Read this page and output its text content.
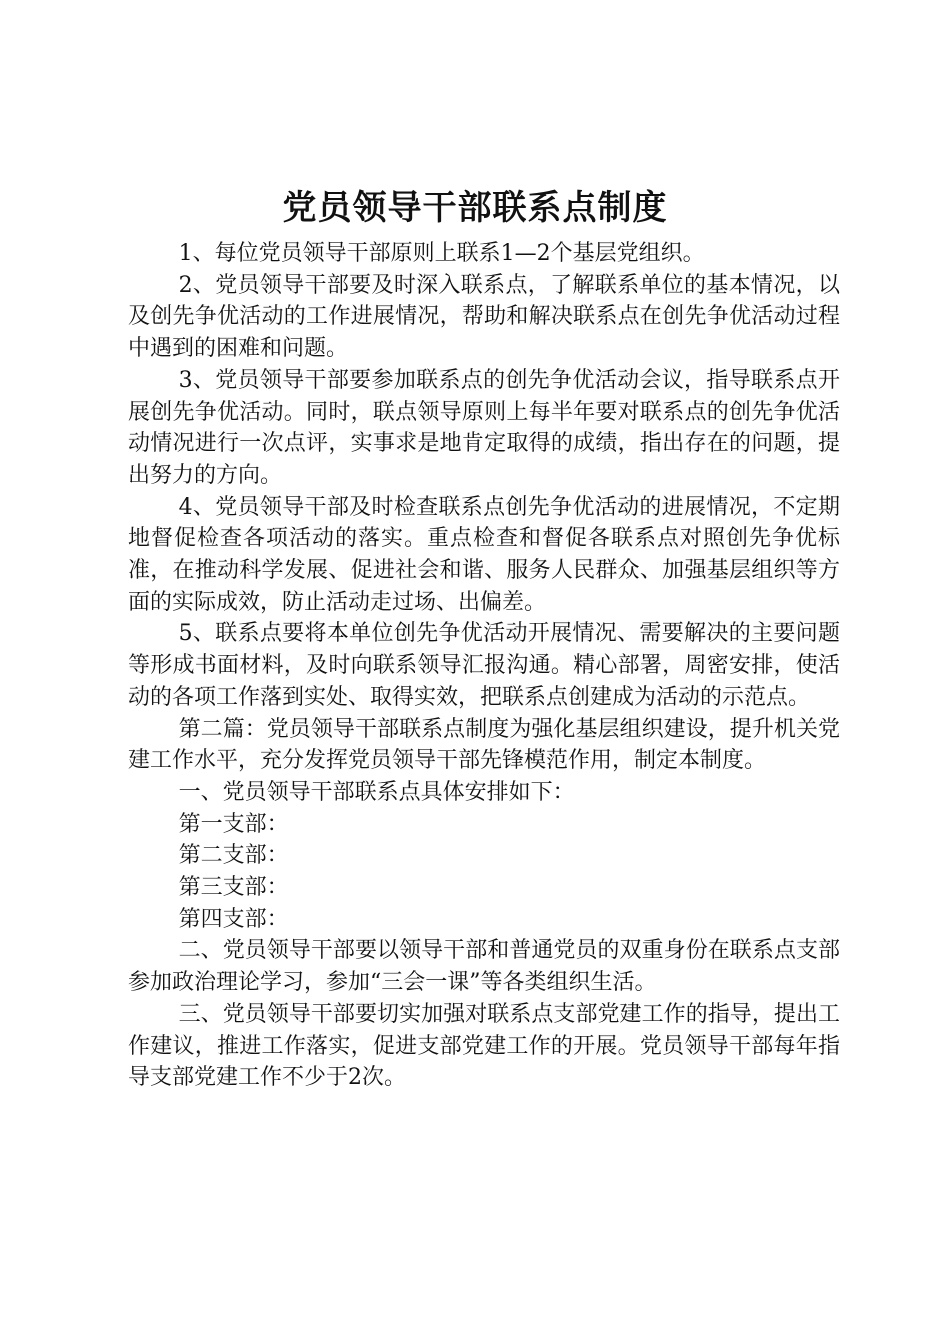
党员领导干部联系点制度

1、每位党员领导干部原则上联系1—2个基层党组织。

2、党员领导干部要及时深入联系点，了解联系单位的基本情况，以及创先争优活动的工作进展情况，帮助和解决联系点在创先争优活动过程中遇到的困难和问题。

3、党员领导干部要参加联系点的创先争优活动会议，指导联系点开展创先争优活动。同时，联点领导原则上每半年要对联系点的创先争优活动情况进行一次点评，实事求是地肯定取得的成绩，指出存在的问题，提出努力的方向。

4、党员领导干部及时检查联系点创先争优活动的进展情况，不定期地督促检查各项活动的落实。重点检查和督促各联系点对照创先争优标准，在推动科学发展、促进社会和谐、服务人民群众、加强基层组织等方面的实际成效，防止活动走过场、出偏差。

5、联系点要将本单位创先争优活动开展情况、需要解决的主要问题等形成书面材料，及时向联系领导汇报沟通。精心部署，周密安排，使活动的各项工作落到实处、取得实效，把联系点创建成为活动的示范点。

第二篇：党员领导干部联系点制度为强化基层组织建设，提升机关党建工作水平，充分发挥党员领导干部先锋模范作用，制定本制度。

一、党员领导干部联系点具体安排如下：

第一支部：

第二支部：

第三支部：

第四支部：

二、党员领导干部要以领导干部和普通党员的双重身份在联系点支部参加政治理论学习，参加“三会一课”等各类组织生活。

三、党员领导干部要切实加强对联系点支部党建工作的指导，提出工作建议，推进工作落实，促进支部党建工作的开展。党员领导干部每年指导支部党建工作不少于2次。
